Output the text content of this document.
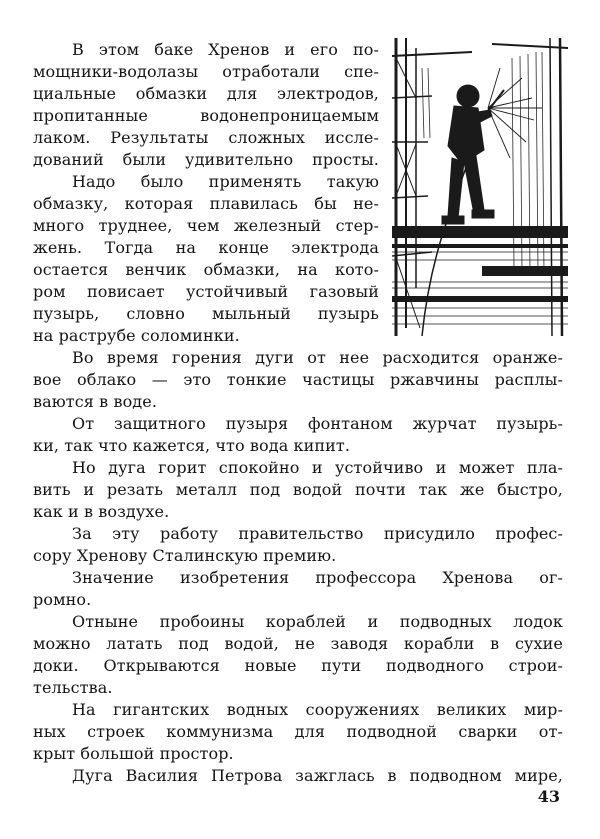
В этом баке Хренов и его по-
мощники-водолазы отработали спе-
циальные обмазки для электродов,
пропитанные водонепроницаемым
лаком. Результаты сложных иссле-
дований были удивительно просты.
Надо было применять такую
обмазку, которая плавилась бы не-
много труднее, чем железный стер-
жень. Тогда на конце электрода
остается венчик обмазки, на кото-
ром повисает устойчивый газовый
пузырь, словно мыльный пузырь
на раструбе соломинки.
Во время горения дуги от нее расходится оранже-
вое облако — это тонкие частицы ржавчины расплы-
ваются в воде.
От защитного пузыря фонтаном журчат пузырь-
ки, так что кажется, что вода кипит.
Но дуга горит спокойно и устойчиво и может пла-
вить и резать металл под водой почти так же быстро,
как и в воздухе.
За эту работу правительство присудило профес-
сору Хренову Сталинскую премию.
Значение изобретения профессора Хренова ог-
ромно.
Отныне пробоины кораблей и подводных лодок
можно латать под водой, не заводя корабли в сухие
доки. Открываются новые пути подводного строи-
тельства.
На гигантских водных сооружениях великих мир-
ных строек коммунизма для подводной сварки от-
крыт большой простор.
Дуга Василия Петрова зажглась в подводном мире,
43
